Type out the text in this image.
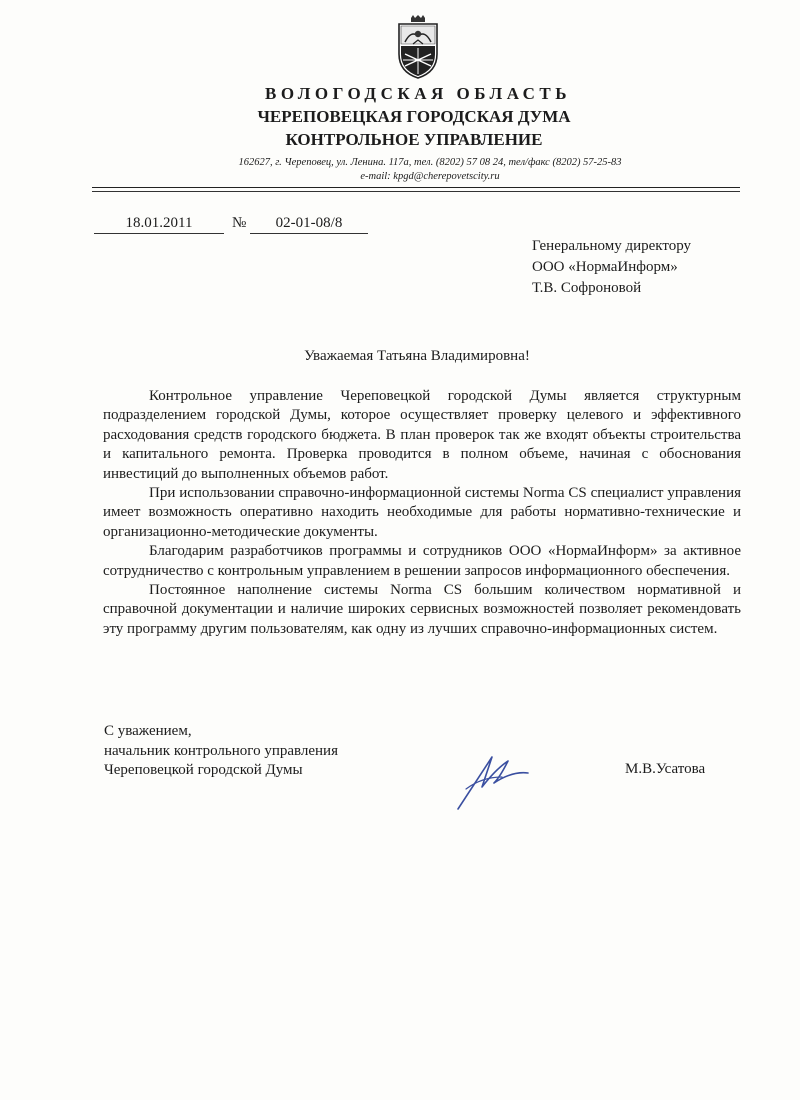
ВОЛОГОДСКАЯ ОБЛАСТЬ
ЧЕРЕПОВЕЦКАЯ ГОРОДСКАЯ ДУМА
КОНТРОЛЬНОЕ УПРАВЛЕНИЕ
162627, г. Череповец, ул. Ленина. 117а, тел. (8202) 57 08 24, тел/факс (8202) 57-25-83
e-mail: kpgd@cherepovetscity.ru
18.01.2011	№	02-01-08/8
Генеральному директору
ООО «НормаИнформ»
Т.В. Софроновой
Уважаемая Татьяна Владимировна!

Контрольное управление Череповецкой городской Думы является структурным подразделением городской Думы, которое осуществляет проверку целевого и эффективного расходования средств городского бюджета. В план проверок так же входят объекты строительства и капитального ремонта. Проверка проводится в полном объеме, начиная с обоснования инвестиций до выполненных объемов работ.

При использовании справочно-информационной системы Norma CS специалист управления имеет возможность оперативно находить необходимые для работы нормативно-технические и организационно-методические документы.

Благодарим разработчиков программы и сотрудников ООО «НормаИнформ» за активное сотрудничество с контрольным управлением в решении запросов информационного обеспечения.

Постоянное наполнение системы Norma CS большим количеством нормативной и справочной документации и наличие широких сервисных возможностей позволяет рекомендовать эту программу другим пользователям, как одну из лучших справочно-информационных систем.

С уважением,
начальник контрольного управления
Череповецкой городской Думы	М.В.Усатова
